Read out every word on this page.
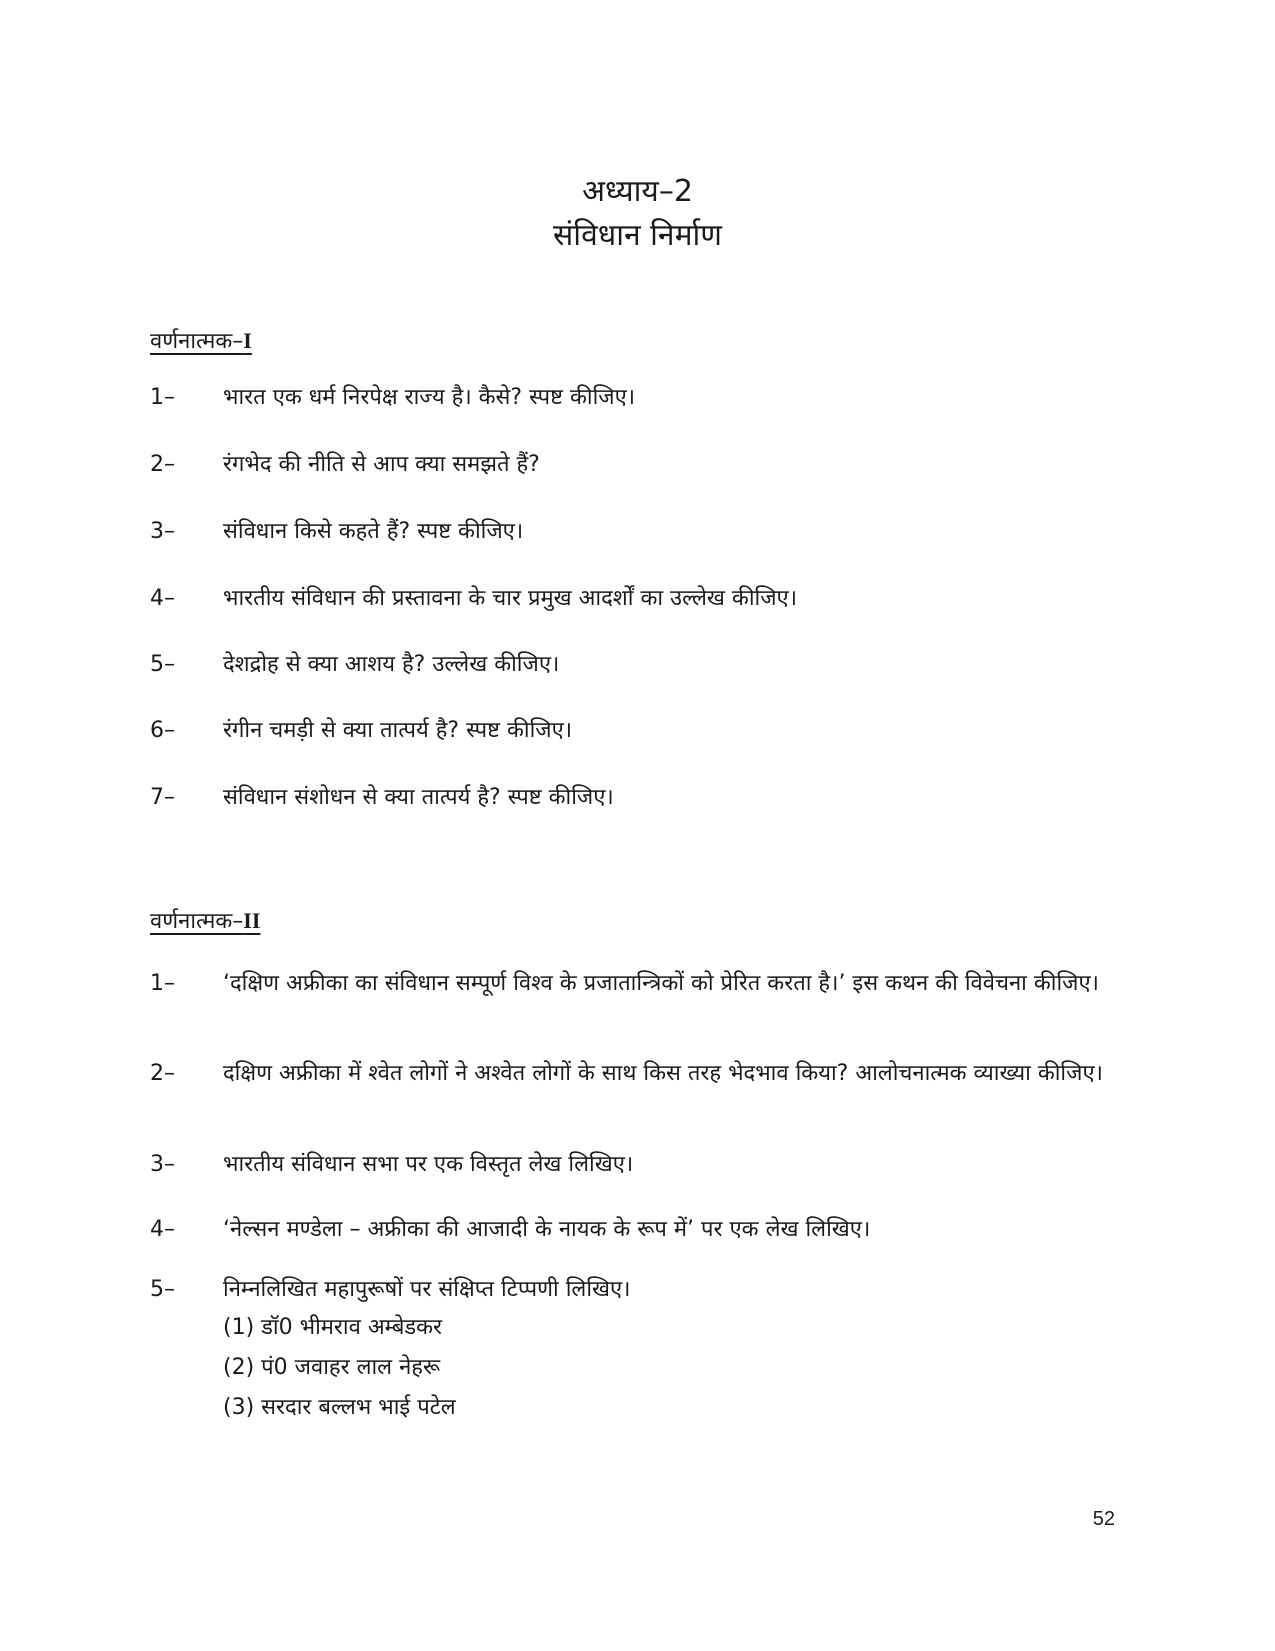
अध्याय–2
संविधान निर्माण
वर्णनात्मक–I
1–	भारत एक धर्म निरपेक्ष राज्य है। कैसे? स्पष्ट कीजिए।
2–	रंगभेद की नीति से आप क्या समझते हैं?
3–	संविधान किसे कहते हैं? स्पष्ट कीजिए।
4–	भारतीय संविधान की प्रस्तावना के चार प्रमुख आदर्शों का उल्लेख कीजिए।
5–	देशद्रोह से क्या आशय है? उल्लेख कीजिए।
6–	रंगीन चमड़ी से क्या तात्पर्य है? स्पष्ट कीजिए।
7–	संविधान संशोधन से क्या तात्पर्य है? स्पष्ट कीजिए।
वर्णनात्मक–II
1–	‘दक्षिण अफ्रीका का संविधान सम्पूर्ण विश्व के प्रजातान्त्रिकों को प्रेरित करता है।’ इस कथन की विवेचना कीजिए।
2–	दक्षिण अफ्रीका में श्वेत लोगों ने अश्वेत लोगों के साथ किस तरह भेदभाव किया? आलोचनात्मक व्याख्या कीजिए।
3–	भारतीय संविधान सभा पर एक विस्तृत लेख लिखिए।
4–	‘नेल्सन मण्डेला – अफ्रीका की आजादी के नायक के रूप में’ पर एक लेख लिखिए।
5–	निम्नलिखित महापुरूषों पर संक्षिप्त टिप्पणी लिखिए।
(1) डॉ0 भीमराव अम्बेडकर
(2) पं0 जवाहर लाल नेहरू
(3) सरदार बल्लभ भाई पटेल
52
